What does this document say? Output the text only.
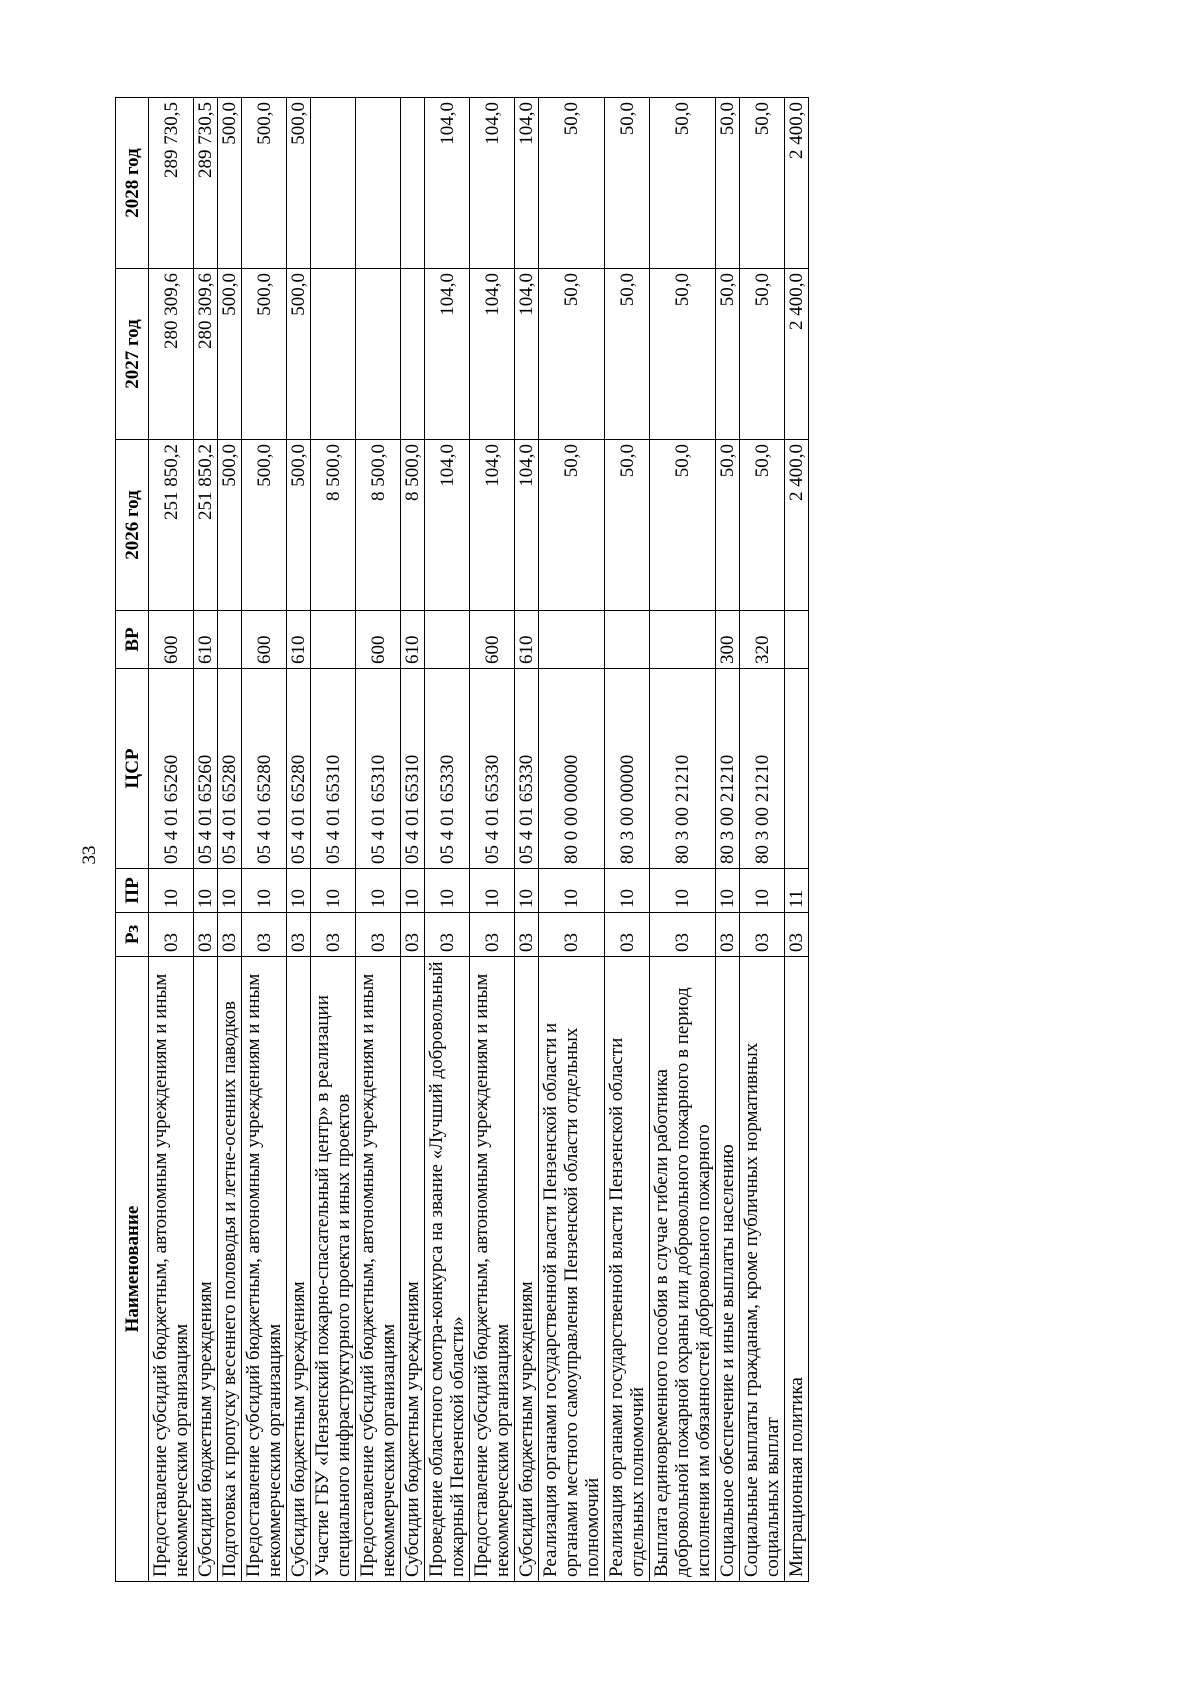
33
Наименование	Рз	ПР	ЦСР	ВР	2026 год	2027 год	2028 год
Предоставление субсидий бюджетным, автономным учреждениям и иным некоммерческим организациям	03	10	05 4 01 65260	600	251 850,2	280 309,6	289 730,5
Субсидии бюджетным учреждениям	03	10	05 4 01 65260	610	251 850,2	280 309,6	289 730,5
Подготовка к пропуску весеннего половодья и летне-осенних паводков	03	10	05 4 01 65280		500,0	500,0	500,0
Предоставление субсидий бюджетным, автономным учреждениям и иным некоммерческим организациям	03	10	05 4 01 65280	600	500,0	500,0	500,0
Субсидии бюджетным учреждениям	03	10	05 4 01 65280	610	500,0	500,0	500,0
Участие ГБУ «Пензенский пожарно-спасательный центр» в реализации специального инфраструктурного проекта и иных проектов	03	10	05 4 01 65310		8 500,0		
Предоставление субсидий бюджетным, автономным учреждениям и иным некоммерческим организациям	03	10	05 4 01 65310	600	8 500,0		
Субсидии бюджетным учреждениям	03	10	05 4 01 65310	610	8 500,0		
Проведение областного смотра-конкурса на звание «Лучший добровольный пожарный Пензенской области»	03	10	05 4 01 65330		104,0	104,0	104,0
Предоставление субсидий бюджетным, автономным учреждениям и иным некоммерческим организациям	03	10	05 4 01 65330	600	104,0	104,0	104,0
Субсидии бюджетным учреждениям	03	10	05 4 01 65330	610	104,0	104,0	104,0
Реализация органами государственной власти Пензенской области и органами местного самоуправления Пензенской области отдельных полномочий	03	10	80 0 00 00000		50,0	50,0	50,0
Реализация органами государственной власти Пензенской области отдельных полномочий	03	10	80 3 00 00000		50,0	50,0	50,0
Выплата единовременного пособия в случае гибели работника добровольной пожарной охраны или добровольного пожарного в период исполнения им обязанностей добровольного пожарного	03	10	80 3 00 21210		50,0	50,0	50,0
Социальное обеспечение и иные выплаты населению	03	10	80 3 00 21210	300	50,0	50,0	50,0
Социальные выплаты гражданам, кроме публичных нормативных социальных выплат	03	10	80 3 00 21210	320	50,0	50,0	50,0
Миграционная политика	03	11			2 400,0	2 400,0	2 400,0
